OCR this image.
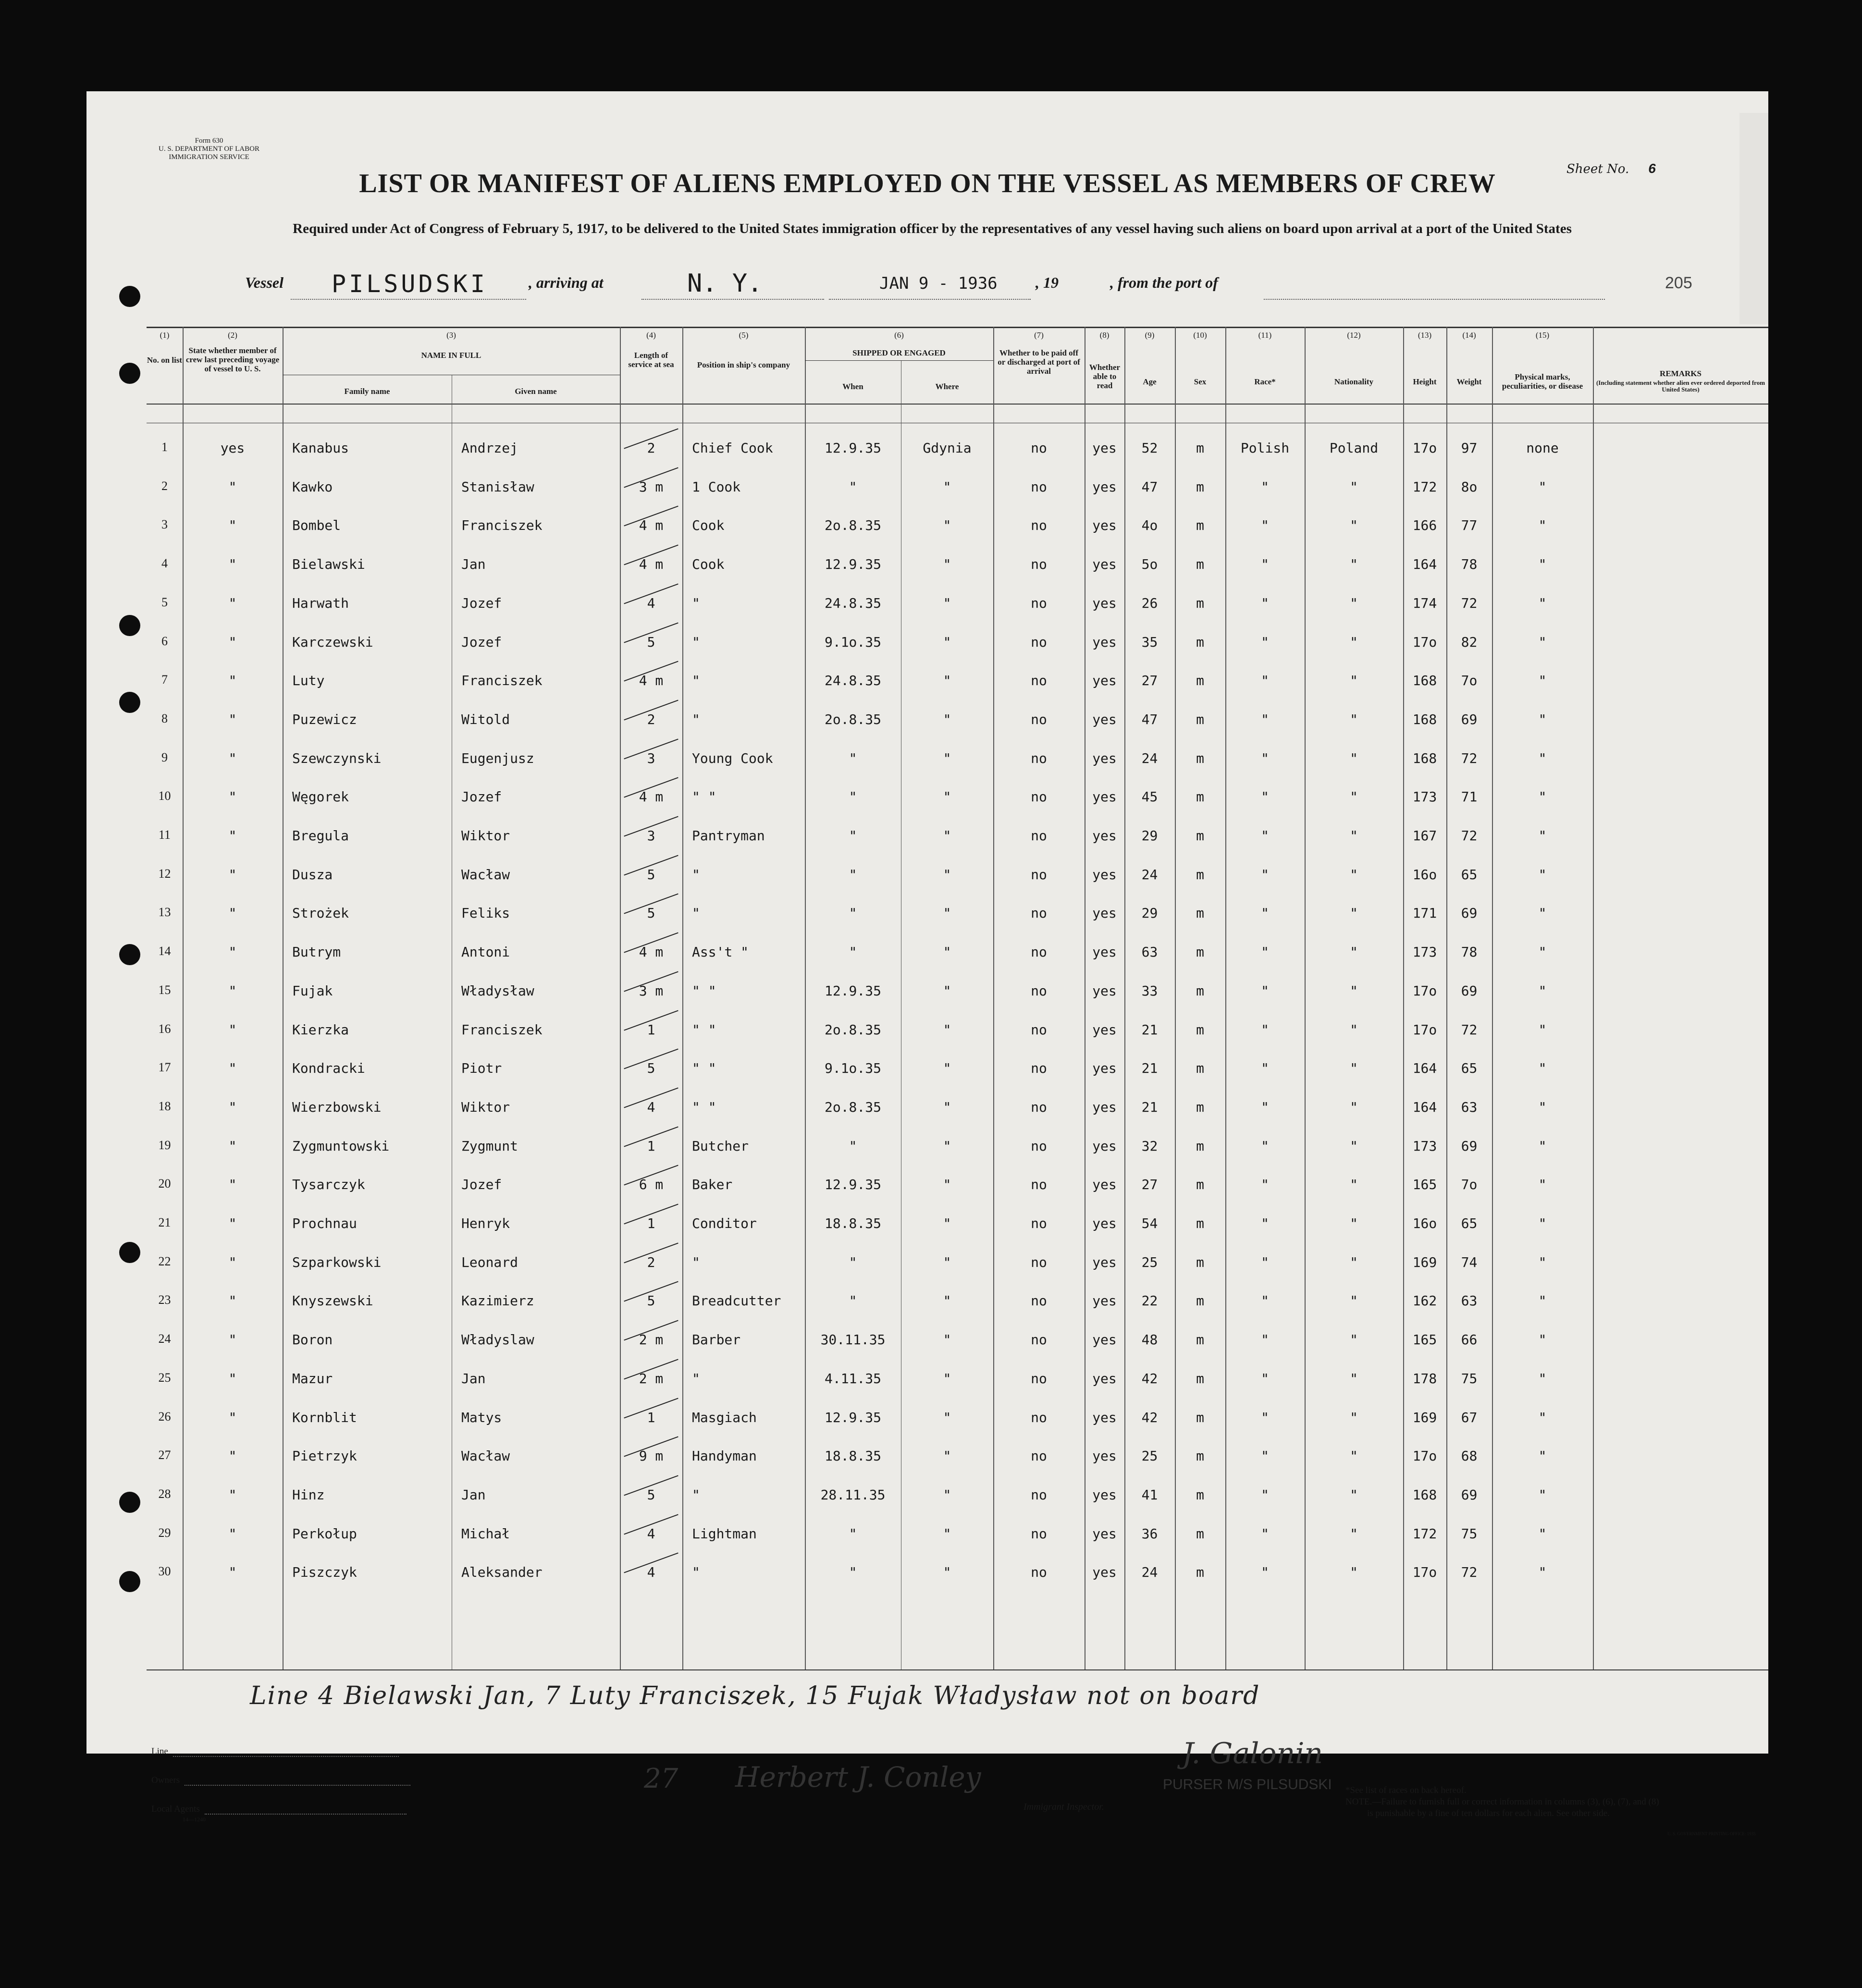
Form 630
U. S. DEPARTMENT OF LABOR
IMMIGRATION SERVICE
Sheet No. 6
LIST OR MANIFEST OF ALIENS EMPLOYED ON THE VESSEL AS MEMBERS OF CREW
Required under Act of Congress of February 5, 1917, to be delivered to the United States immigration officer by the representatives of any vessel having such aliens on board upon arrival at a port of the United States
Vessel PILSUDSKI	, arriving at	N. Y.	JAN 9 - 1936 , 19	, from the port of	205
(1)
No. on list
(2)
State whether member of crew last preceding voyage of vessel to U. S.
(3)
NAME IN FULL
Family name	Given name
(4)
Length of service at sea
(5)
Position in ship's company
(6)
SHIPPED OR ENGAGED
When	Where
(7)
Whether to be paid off or discharged at port of arrival
(8)
Whether able to read
(9)
Age
(10)
Sex
(11)
Race*
(12)
Nationality
(13)
Height
(14)
Weight
(15)
Physical marks, peculiarities, or disease
REMARKS
(Including statement whether alien ever ordered deported from United States)
1	yes	Kanabus	Andrzej	2	Chief Cook	12.9.35	Gdynia	no	yes	52	m	Polish	Poland	17o	97	none
2	"	Kawko	Stanisław	3 m	1 Cook	"	"	no	yes	47	m	"	"	172	8o	"
3	"	Bombel	Franciszek	4 m	Cook	2o.8.35	"	no	yes	4o	m	"	"	166	77	"
4	"	Bielawski	Jan	4 m	Cook	12.9.35	"	no	yes	5o	m	"	"	164	78	"
5	"	Harwath	Jozef	4	"	24.8.35	"	no	yes	26	m	"	"	174	72	"
6	"	Karczewski	Jozef	5	"	9.1o.35	"	no	yes	35	m	"	"	17o	82	"
7	"	Luty	Franciszek	4 m	"	24.8.35	"	no	yes	27	m	"	"	168	7o	"
8	"	Puzewicz	Witold	2	"	2o.8.35	"	no	yes	47	m	"	"	168	69	"
9	"	Szewczynski	Eugenjusz	3	Young Cook	"	"	no	yes	24	m	"	"	168	72	"
10	"	Węgorek	Jozef	4 m	" "	"	"	no	yes	45	m	"	"	173	71	"
11	"	Bregula	Wiktor	3	Pantryman	"	"	no	yes	29	m	"	"	167	72	"
12	"	Dusza	Wacław	5	"	"	"	no	yes	24	m	"	"	16o	65	"
13	"	Strożek	Feliks	5	"	"	"	no	yes	29	m	"	"	171	69	"
14	"	Butrym	Antoni	4 m	Ass't "	"	"	no	yes	63	m	"	"	173	78	"
15	"	Fujak	Władysław	3 m	" "	12.9.35	"	no	yes	33	m	"	"	17o	69	"
16	"	Kierzka	Franciszek	1	" "	2o.8.35	"	no	yes	21	m	"	"	17o	72	"
17	"	Kondracki	Piotr	5	" "	9.1o.35	"	no	yes	21	m	"	"	164	65	"
18	"	Wierzbowski	Wiktor	4	" "	2o.8.35	"	no	yes	21	m	"	"	164	63	"
19	"	Zygmuntowski	Zygmunt	1	Butcher	"	"	no	yes	32	m	"	"	173	69	"
20	"	Tysarczyk	Jozef	6 m	Baker	12.9.35	"	no	yes	27	m	"	"	165	7o	"
21	"	Prochnau	Henryk	1	Conditor	18.8.35	"	no	yes	54	m	"	"	16o	65	"
22	"	Szparkowski	Leonard	2	"	"	"	no	yes	25	m	"	"	169	74	"
23	"	Knyszewski	Kazimierz	5	Breadcutter	"	"	no	yes	22	m	"	"	162	63	"
24	"	Boron	Władyslaw	2 m	Barber	30.11.35	"	no	yes	48	m	"	"	165	66	"
25	"	Mazur	Jan	2 m	"	4.11.35	"	no	yes	42	m	"	"	178	75	"
26	"	Kornblit	Matys	1	Masgiach	12.9.35	"	no	yes	42	m	"	"	169	67	"
27	"	Pietrzyk	Wacław	9 m	Handyman	18.8.35	"	no	yes	25	m	"	"	17o	68	"
28	"	Hinz	Jan	5	"	28.11.35	"	no	yes	41	m	"	"	168	69	"
29	"	Perkołup	Michał	4	Lightman	"	"	no	yes	36	m	"	"	172	75	"
30	"	Piszczyk	Aleksander	4	"	"	"	no	yes	24	m	"	"	17o	72	"
Line 4 Bielawski Jan, 7 Luty Franciszek, 15 Fujak Władysław not on board
Line
Owners
Local Agents
14—1240
27 Herbert J. Conley
Immigrant Inspector.
J. Galonin
PURSER M/S PILSUDSKI *See list of races on back hereof.
NOTE.—Failure to furnish full or correct information in columns (3), (6), (7), and (8)
is punishable by a fine of ten dollars for each alien. See other side.
U. S. GOVERNMENT PRINTING OFFICE: 1935
